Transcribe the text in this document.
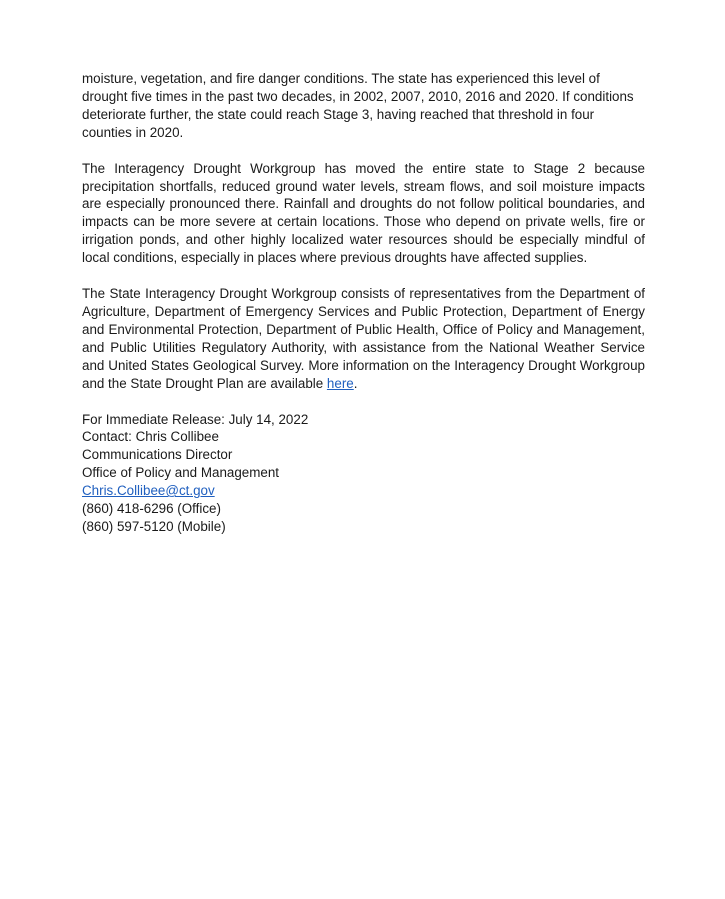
moisture, vegetation, and fire danger conditions. The state has experienced this level of drought five times in the past two decades, in 2002, 2007, 2010, 2016 and 2020. If conditions deteriorate further, the state could reach Stage 3, having reached that threshold in four counties in 2020.

The Interagency Drought Workgroup has moved the entire state to Stage 2 because precipitation shortfalls, reduced ground water levels, stream flows, and soil moisture impacts are especially pronounced there. Rainfall and droughts do not follow political boundaries, and impacts can be more severe at certain locations. Those who depend on private wells, fire or irrigation ponds, and other highly localized water resources should be especially mindful of local conditions, especially in places where previous droughts have affected supplies.

The State Interagency Drought Workgroup consists of representatives from the Department of Agriculture, Department of Emergency Services and Public Protection, Department of Energy and Environmental Protection, Department of Public Health, Office of Policy and Management, and Public Utilities Regulatory Authority, with assistance from the National Weather Service and United States Geological Survey. More information on the Interagency Drought Workgroup and the State Drought Plan are available here.

For Immediate Release: July 14, 2022
Contact: Chris Collibee
Communications Director
Office of Policy and Management
Chris.Collibee@ct.gov
(860) 418-6296 (Office)
(860) 597-5120 (Mobile)
